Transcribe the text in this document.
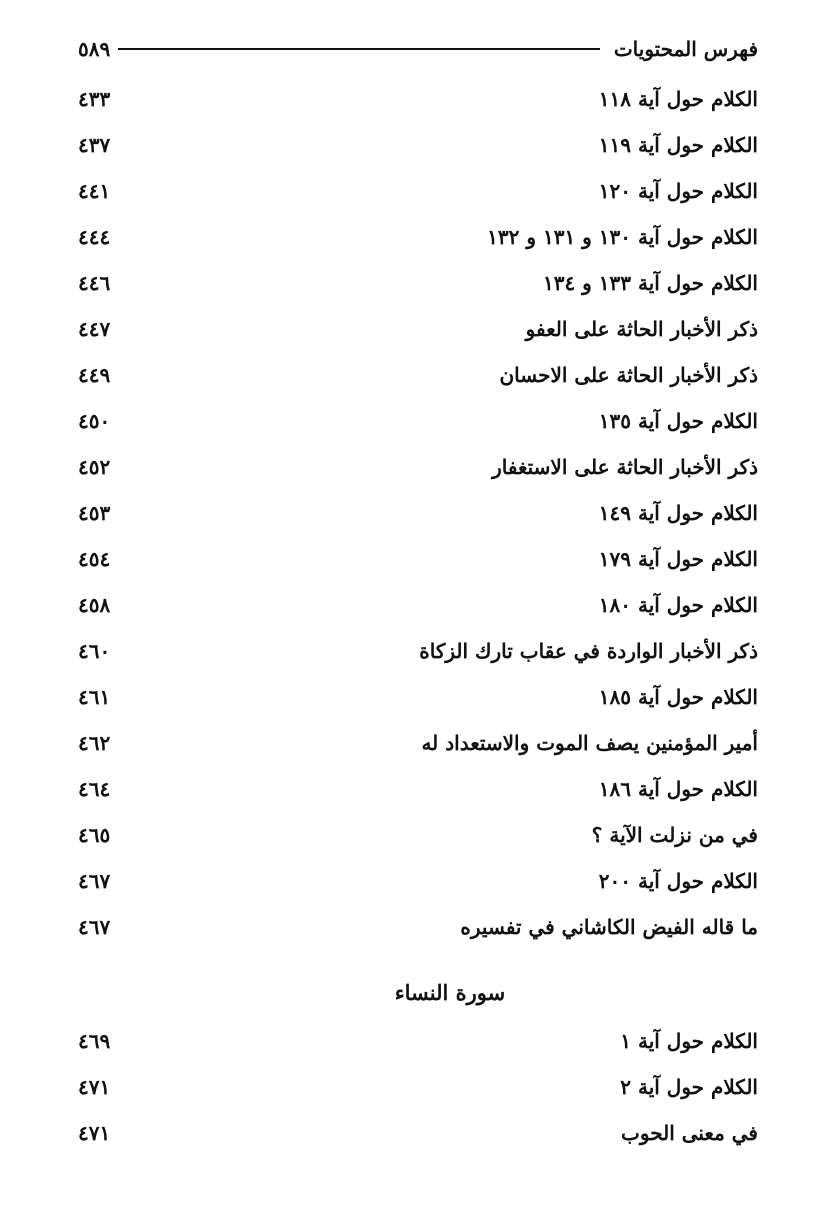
فهرس المحتويات
٥٨٩
الكلام حول آية ١١٨
٤٣٣
الكلام حول آية ١١٩
٤٣٧
الكلام حول آية ١٢٠
٤٤١
الكلام حول آية ١٣٠ و ١٣١ و ١٣٢
٤٤٤
الكلام حول آية ١٣٣ و ١٣٤
٤٤٦
ذكر الأخبار الحاثة على العفو
٤٤٧
ذكر الأخبار الحاثة على الاحسان
٤٤٩
الكلام حول آية ١٣٥
٤٥٠
ذكر الأخبار الحاثة على الاستغفار
٤٥٢
الكلام حول آية ١٤٩
٤٥٣
الكلام حول آية ١٧٩
٤٥٤
الكلام حول آية ١٨٠
٤٥٨
ذكر الأخبار الواردة في عقاب تارك الزكاة
٤٦٠
الكلام حول آية ١٨٥
٤٦١
أمير المؤمنين يصف الموت والاستعداد له
٤٦٢
الكلام حول آية ١٨٦
٤٦٤
في من نزلت الآية ؟
٤٦٥
الكلام حول آية ٢٠٠
٤٦٧
ما قاله الفيض الكاشاني في تفسيره
٤٦٧
سورة النساء
الكلام حول آية ١
٤٦٩
الكلام حول آية ٢
٤٧١
في معنى الحوب
٤٧١
